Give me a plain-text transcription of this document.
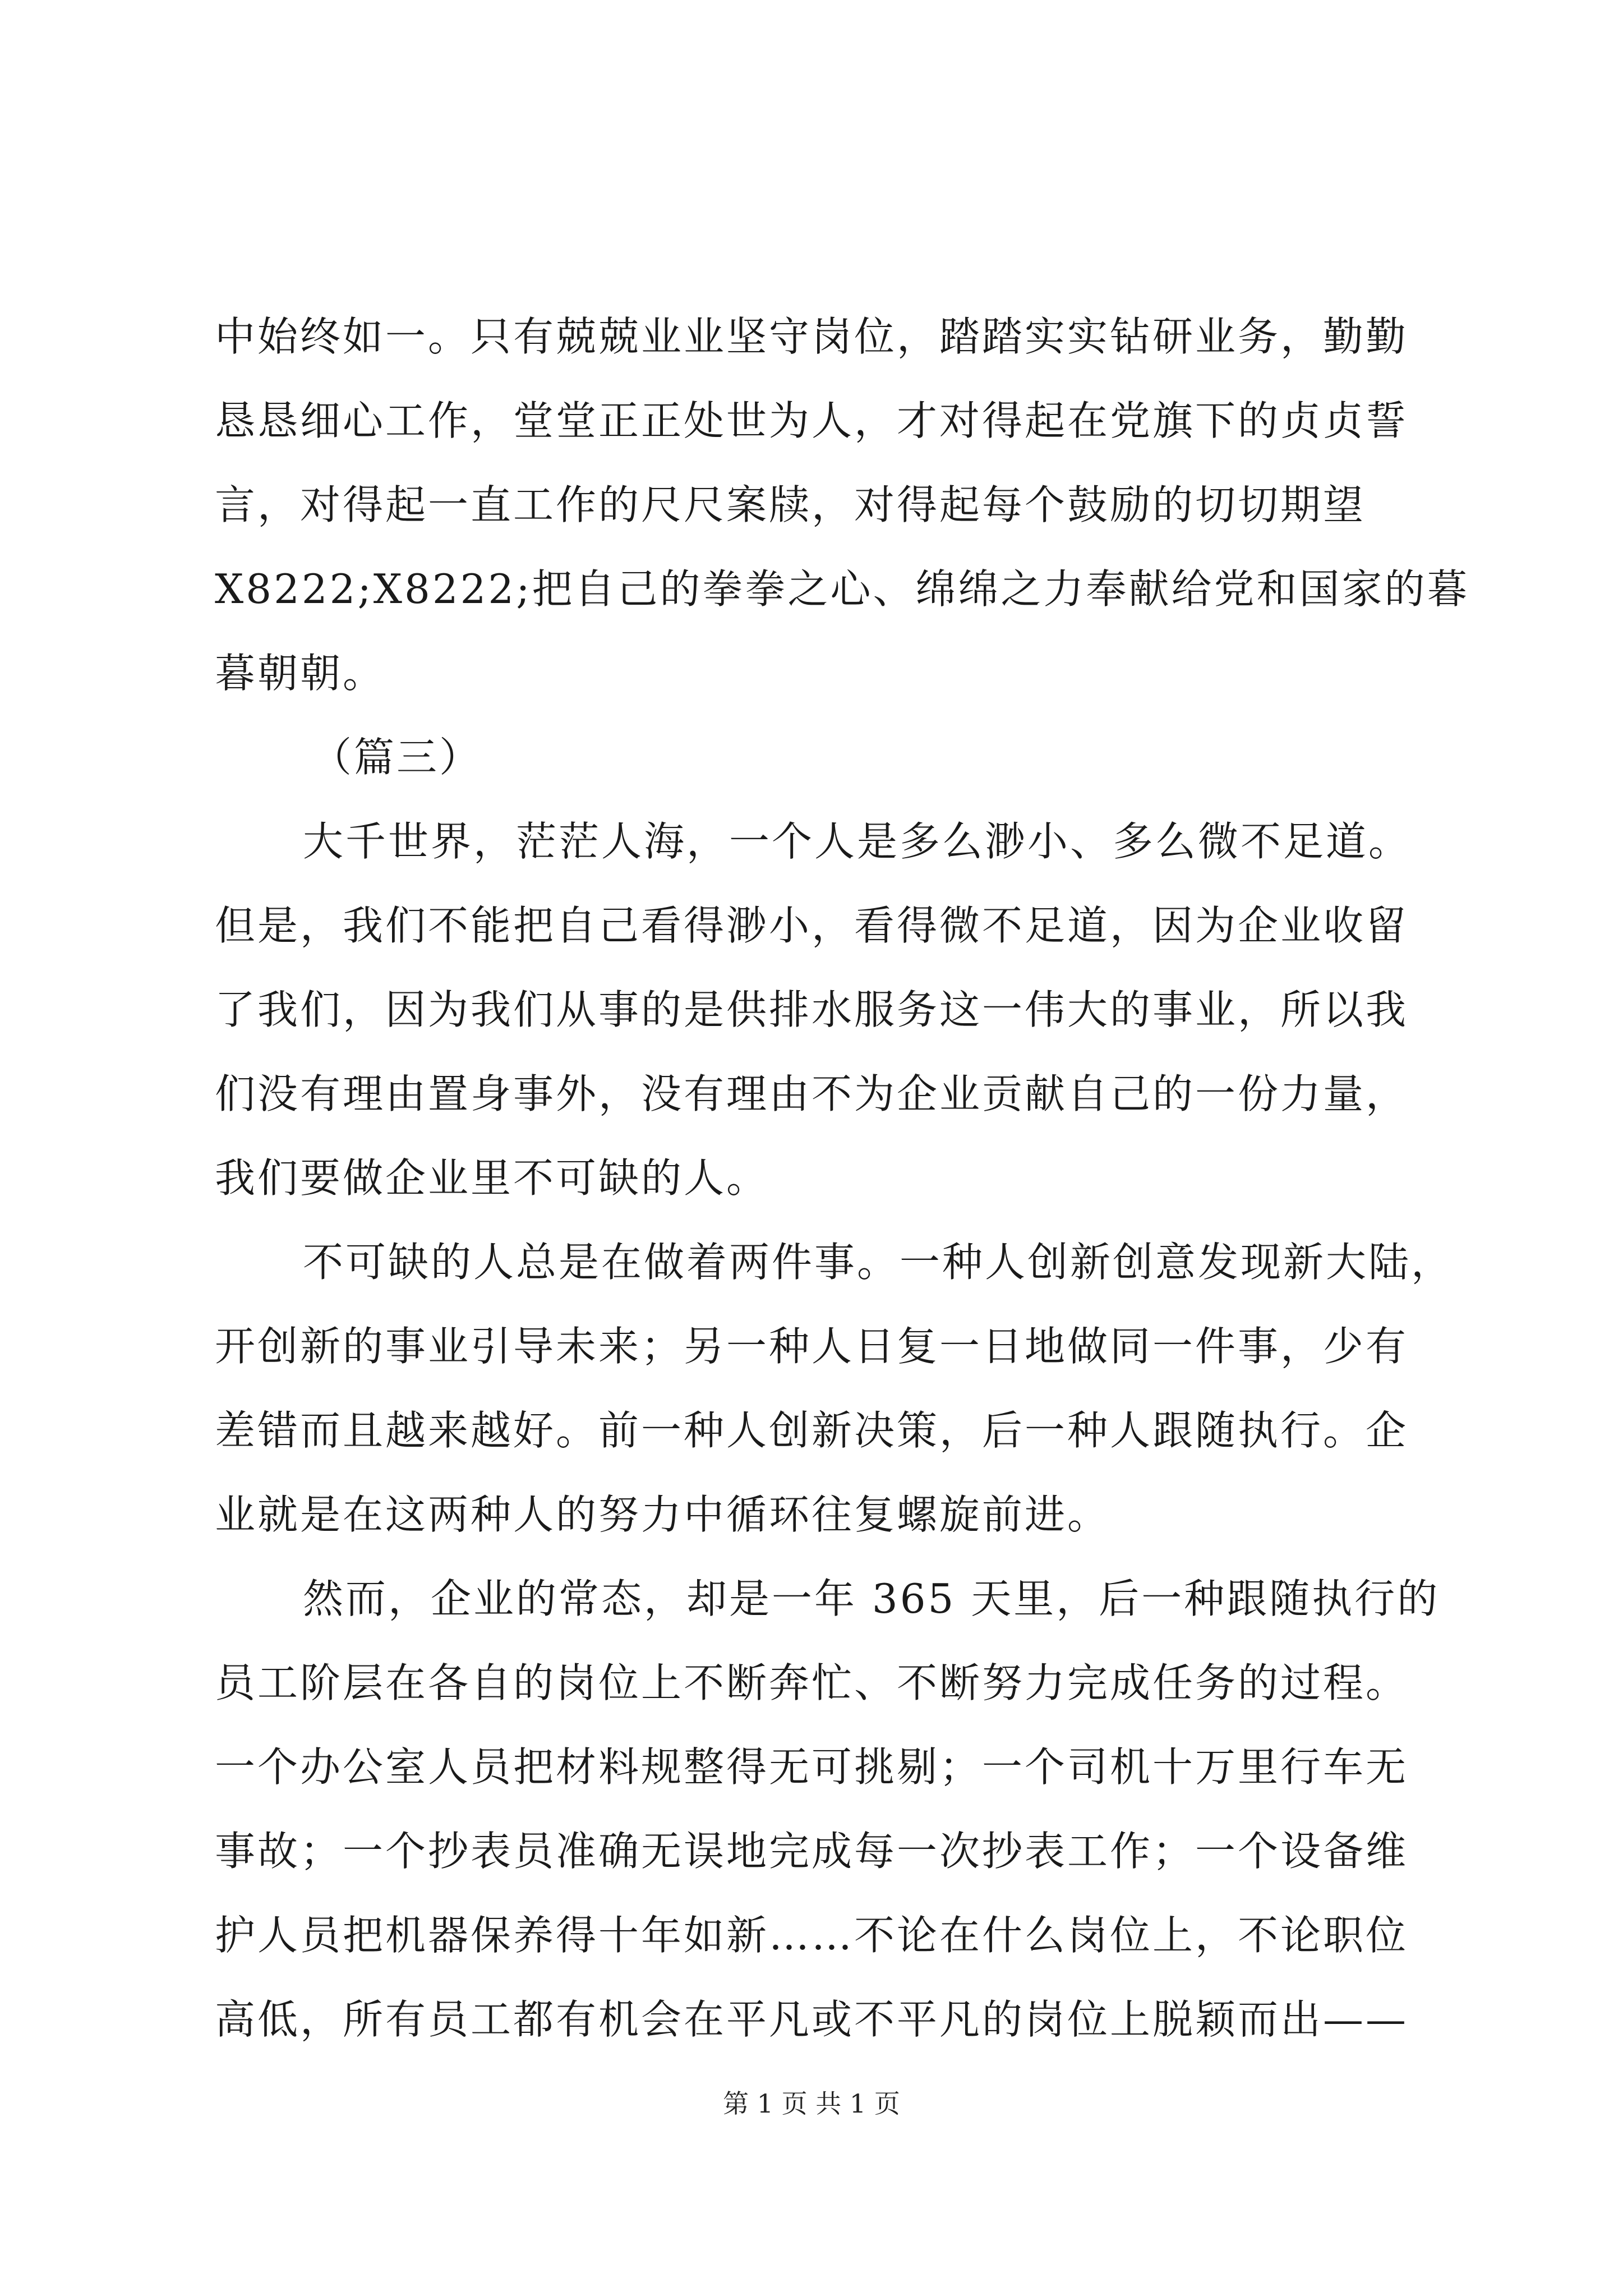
中始终如一。只有兢兢业业坚守岗位，踏踏实实钻研业务，勤勤
恳恳细心工作，堂堂正正处世为人，才对得起在党旗下的贞贞誓
言，对得起一直工作的尺尺案牍，对得起每个鼓励的切切期望
X8222;X8222;把自己的拳拳之心、绵绵之力奉献给党和国家的暮
暮朝朝。
（篇三）
大千世界，茫茫人海，一个人是多么渺小、多么微不足道。
但是，我们不能把自己看得渺小，看得微不足道，因为企业收留
了我们，因为我们从事的是供排水服务这一伟大的事业，所以我
们没有理由置身事外，没有理由不为企业贡献自己的一份力量，
我们要做企业里不可缺的人。
不可缺的人总是在做着两件事。一种人创新创意发现新大陆，
开创新的事业引导未来；另一种人日复一日地做同一件事，少有
差错而且越来越好。前一种人创新决策，后一种人跟随执行。企
业就是在这两种人的努力中循环往复螺旋前进。
然而，企业的常态，却是一年 365 天里，后一种跟随执行的
员工阶层在各自的岗位上不断奔忙、不断努力完成任务的过程。
一个办公室人员把材料规整得无可挑剔；一个司机十万里行车无
事故；一个抄表员准确无误地完成每一次抄表工作；一个设备维
护人员把机器保养得十年如新……不论在什么岗位上，不论职位
高低，所有员工都有机会在平凡或不平凡的岗位上脱颖而出——
第 1 页 共 1 页
